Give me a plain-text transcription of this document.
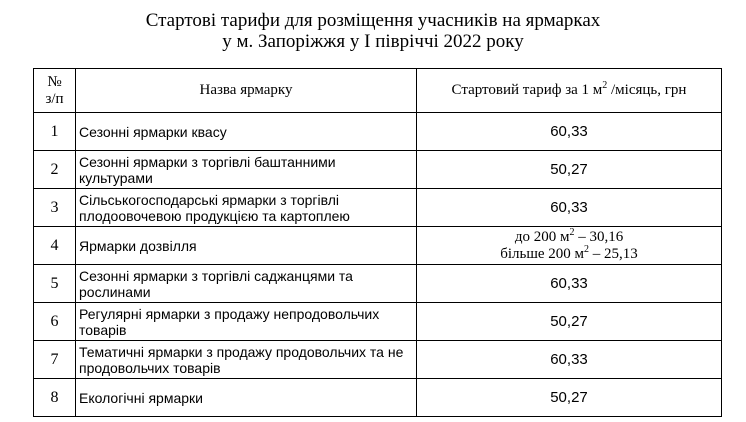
Стартові тарифи для розміщення учасників на ярмарках
у м. Запоріжжя у I півріччі 2022 року
№
з/п	Назва ярмарку	Стартовий тариф за 1 $м^2$ /місяць, грн
1	Сезонні ярмарки квасу	60,33
2	Сезонні ярмарки з торгівлі баштанними культурами	50,27
3	Сільськогосподарські ярмарки з торгівлі плодоовочевою продукцією та картоплею	60,33
4	Ярмарки дозвілля	до 200 $м^2 - 30,16$
більше 200 $м^2 - 25,13$
5	Сезонні ярмарки з торгівлі саджанцями та рослинами	60,33
6	Регулярні ярмарки з продажу непродовольчих товарів	50,27
7	Тематичні ярмарки з продажу продовольчих та не продовольчих товарів	60,33
8	Екологічні ярмарки	50,27
